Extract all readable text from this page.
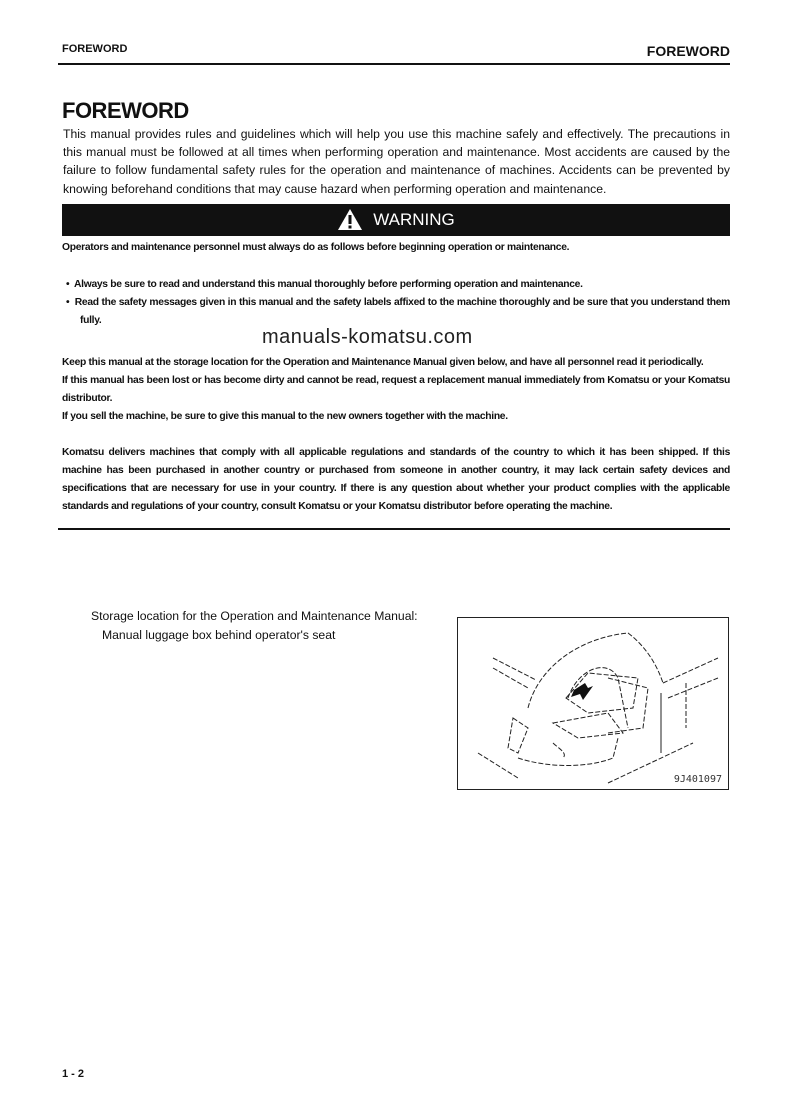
FOREWORD	FOREWORD
FOREWORD
This manual provides rules and guidelines which will help you use this machine safely and effectively. The precautions in this manual must be followed at all times when performing operation and maintenance. Most accidents are caused by the failure to follow fundamental safety rules for the operation and maintenance of machines. Accidents can be prevented by knowing beforehand conditions that may cause hazard when performing operation and maintenance.
WARNING
Operators and maintenance personnel must always do as follows before beginning operation or maintenance.
•  Always be sure to read and understand this manual thoroughly before performing operation and maintenance.
•  Read the safety messages given in this manual and the safety labels affixed to the machine thoroughly and be sure that you understand them fully.
manuals-komatsu.com
Keep this manual at the storage location for the Operation and Maintenance Manual given below, and have all personnel read it periodically.
If this manual has been lost or has become dirty and cannot be read, request a replacement manual immediately from Komatsu or your Komatsu distributor.
If you sell the machine, be sure to give this manual to the new owners together with the machine.
Komatsu delivers machines that comply with all applicable regulations and standards of the country to which it has been shipped. If this machine has been purchased in another country or purchased from someone in another country, it may lack certain safety devices and specifications that are necessary for use in your country. If there is any question about whether your product complies with the applicable standards and regulations of your country, consult Komatsu or your Komatsu distributor before operating the machine.
Storage location for the Operation and Maintenance Manual:
Manual luggage box behind operator's seat
9J401097
1 - 2
